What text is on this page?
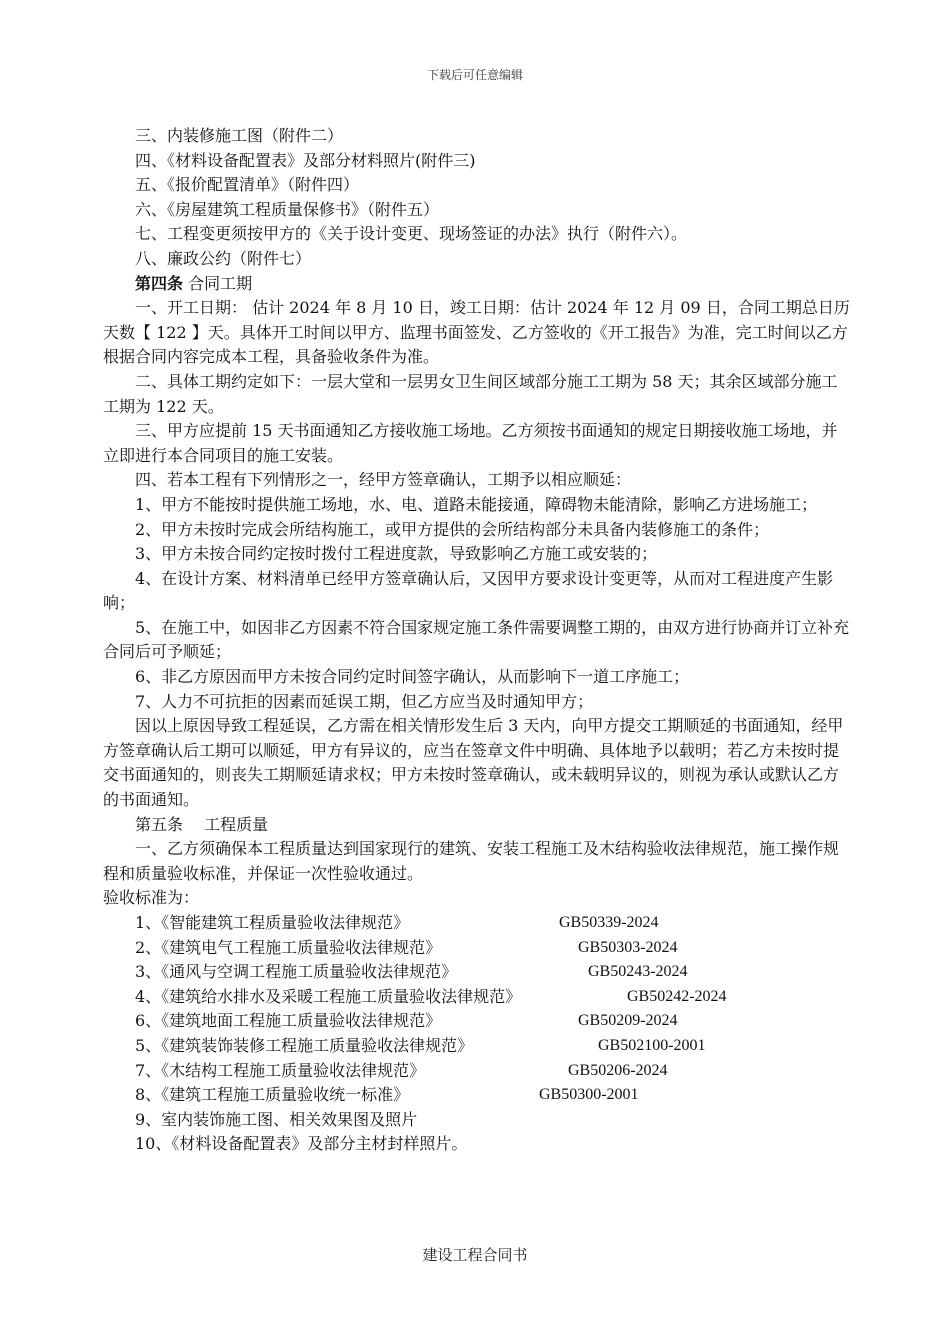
下载后可任意编辑

三、内装修施工图（附件二）

四、《材料设备配置表》及部分材料照片(附件三)

五、《报价配置清单》（附件四）

六、《房屋建筑工程质量保修书》（附件五）

七、工程变更须按甲方的《关于设计变更、现场签证的办法》执行（附件六）。

八、廉政公约（附件七）

第四条 合同工期

一、开工日期： 估计 2024 年 8 月 10 日，竣工日期：估计 2024 年 12 月 09 日，合同工期总日历天数【 122 】天。具体开工时间以甲方、监理书面签发、乙方签收的《开工报告》为准，完工时间以乙方根据合同内容完成本工程，具备验收条件为准。

二、具体工期约定如下：一层大堂和一层男女卫生间区域部分施工工期为 58 天；其余区域部分施工工期为 122 天。

三、甲方应提前 15 天书面通知乙方接收施工场地。乙方须按书面通知的规定日期接收施工场地，并立即进行本合同项目的施工安装。

四、若本工程有下列情形之一，经甲方签章确认，工期予以相应顺延：

1、甲方不能按时提供施工场地，水、电、道路未能接通，障碍物未能清除，影响乙方进场施工；

2、甲方未按时完成会所结构施工，或甲方提供的会所结构部分未具备内装修施工的条件；

3、甲方未按合同约定按时拨付工程进度款，导致影响乙方施工或安装的；

4、在设计方案、材料清单已经甲方签章确认后，又因甲方要求设计变更等，从而对工程进度产生影响；

5、在施工中，如因非乙方因素不符合国家规定施工条件需要调整工期的，由双方进行协商并订立补充合同后可予顺延；

6、非乙方原因而甲方未按合同约定时间签字确认，从而影响下一道工序施工；

7、人力不可抗拒的因素而延误工期，但乙方应当及时通知甲方；

因以上原因导致工程延误，乙方需在相关情形发生后 3 天内，向甲方提交工期顺延的书面通知，经甲方签章确认后工期可以顺延，甲方有异议的，应当在签章文件中明确、具体地予以载明；若乙方未按时提交书面通知的，则丧失工期顺延请求权；甲方未按时签章确认，或未载明异议的，则视为承认或默认乙方的书面通知。

第五条　 工程质量

一、乙方须确保本工程质量达到国家现行的建筑、安装工程施工及木结构验收法律规范，施工操作规程和质量验收标准，并保证一次性验收通过。

验收标准为：

1、《智能建筑工程质量验收法律规范》	GB50339-2024
2、《建筑电气工程施工质量验收法律规范》	GB50303-2024
3、《通风与空调工程施工质量验收法律规范》	GB50243-2024
4、《建筑给水排水及采暖工程施工质量验收法律规范》	GB50242-2024
6、《建筑地面工程施工质量验收法律规范》	GB50209-2024
5、《建筑装饰装修工程施工质量验收法律规范》	GB502100-2001
7、《木结构工程施工质量验收法律规范》	GB50206-2024
8、《建筑工程施工质量验收统一标准》	GB50300-2001

9、室内装饰施工图、相关效果图及照片

10、《材料设备配置表》及部分主材封样照片。

建设工程合同书
